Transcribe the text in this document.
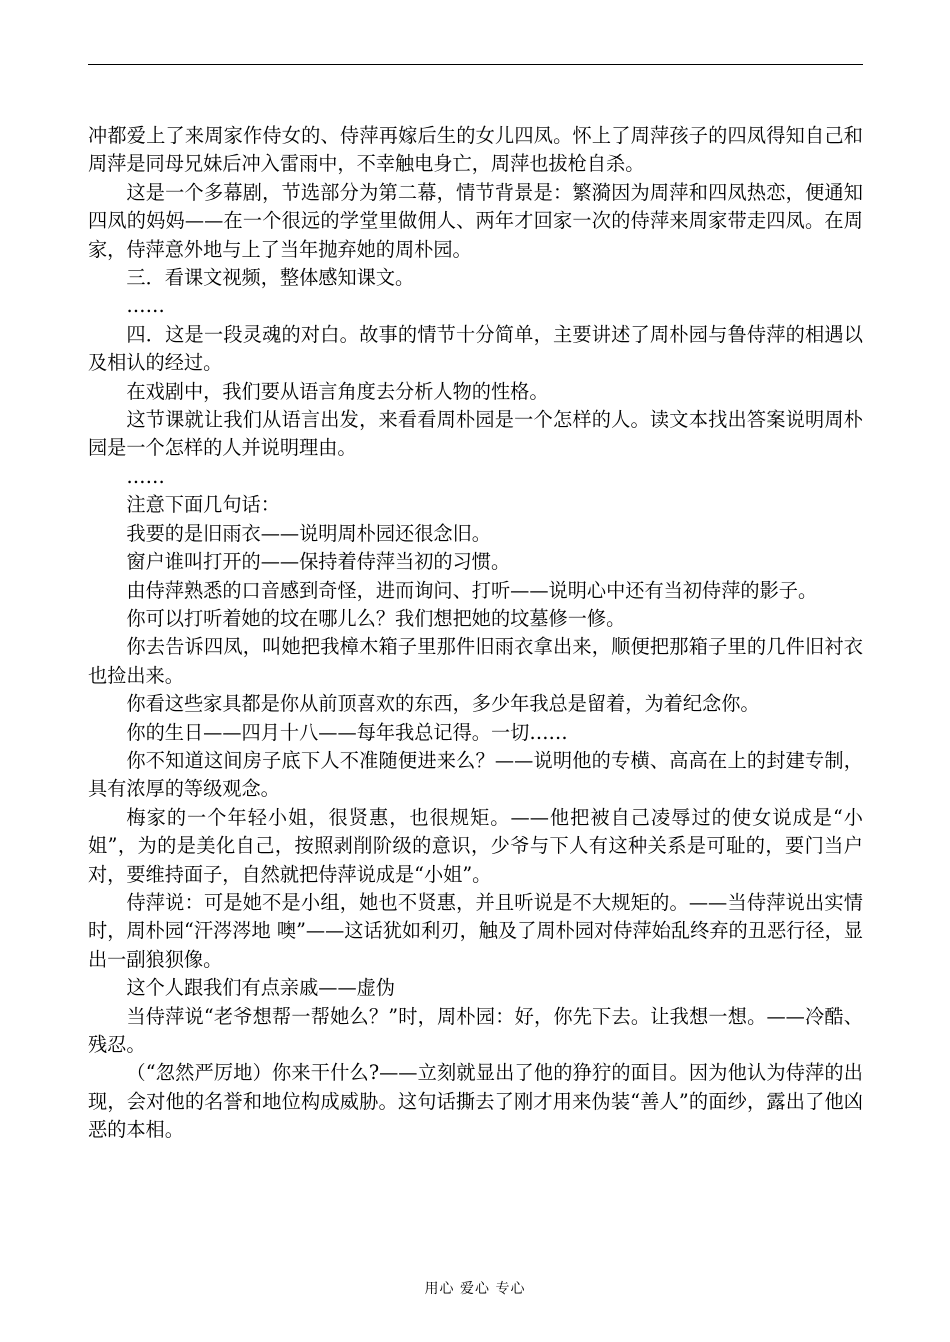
冲都爱上了来周家作侍女的、侍萍再嫁后生的女儿四凤。怀上了周萍孩子的四凤得知自己和周萍是同母兄妹后冲入雷雨中，不幸触电身亡，周萍也拔枪自杀。

这是一个多幕剧，节选部分为第二幕，情节背景是：繁漪因为周萍和四凤热恋，便通知四凤的妈妈——在一个很远的学堂里做佣人、两年才回家一次的侍萍来周家带走四凤。在周家，侍萍意外地与上了当年抛弃她的周朴园。

三．看课文视频，整体感知课文。

……

四．这是一段灵魂的对白。故事的情节十分简单，主要讲述了周朴园与鲁侍萍的相遇以及相认的经过。

在戏剧中，我们要从语言角度去分析人物的性格。

这节课就让我们从语言出发，来看看周朴园是一个怎样的人。读文本找出答案说明周朴园是一个怎样的人并说明理由。

……

注意下面几句话：

我要的是旧雨衣——说明周朴园还很念旧。

窗户谁叫打开的——保持着侍萍当初的习惯。

由侍萍熟悉的口音感到奇怪，进而询问、打听——说明心中还有当初侍萍的影子。

你可以打听着她的坟在哪儿么？我们想把她的坟墓修一修。

你去告诉四凤，叫她把我樟木箱子里那件旧雨衣拿出来，顺便把那箱子里的几件旧衬衣也捡出来。

你看这些家具都是你从前顶喜欢的东西，多少年我总是留着，为着纪念你。

你的生日——四月十八——每年我总记得。一切……

你不知道这间房子底下人不准随便进来么？——说明他的专横、高高在上的封建专制，具有浓厚的等级观念。

梅家的一个年轻小姐，很贤惠，也很规矩。——他把被自己凌辱过的使女说成是“小姐”，为的是美化自己，按照剥削阶级的意识，少爷与下人有这种关系是可耻的，要门当户对，要维持面子，自然就把侍萍说成是“小姐”。

侍萍说：可是她不是小组，她也不贤惠，并且听说是不大规矩的。——当侍萍说出实情时，周朴园“汗涔涔地 噢”——这话犹如利刃，触及了周朴园对侍萍始乱终弃的丑恶行径，显出一副狼狈像。

这个人跟我们有点亲戚——虚伪

当侍萍说“老爷想帮一帮她么？”时，周朴园：好，你先下去。让我想一想。——冷酷、残忍。

（“忽然严厉地）你来干什么?——立刻就显出了他的狰狞的面目。因为他认为侍萍的出现，会对他的名誉和地位构成威胁。这句话撕去了刚才用来伪装“善人”的面纱，露出了他凶恶的本相。

用心 爱心 专心
